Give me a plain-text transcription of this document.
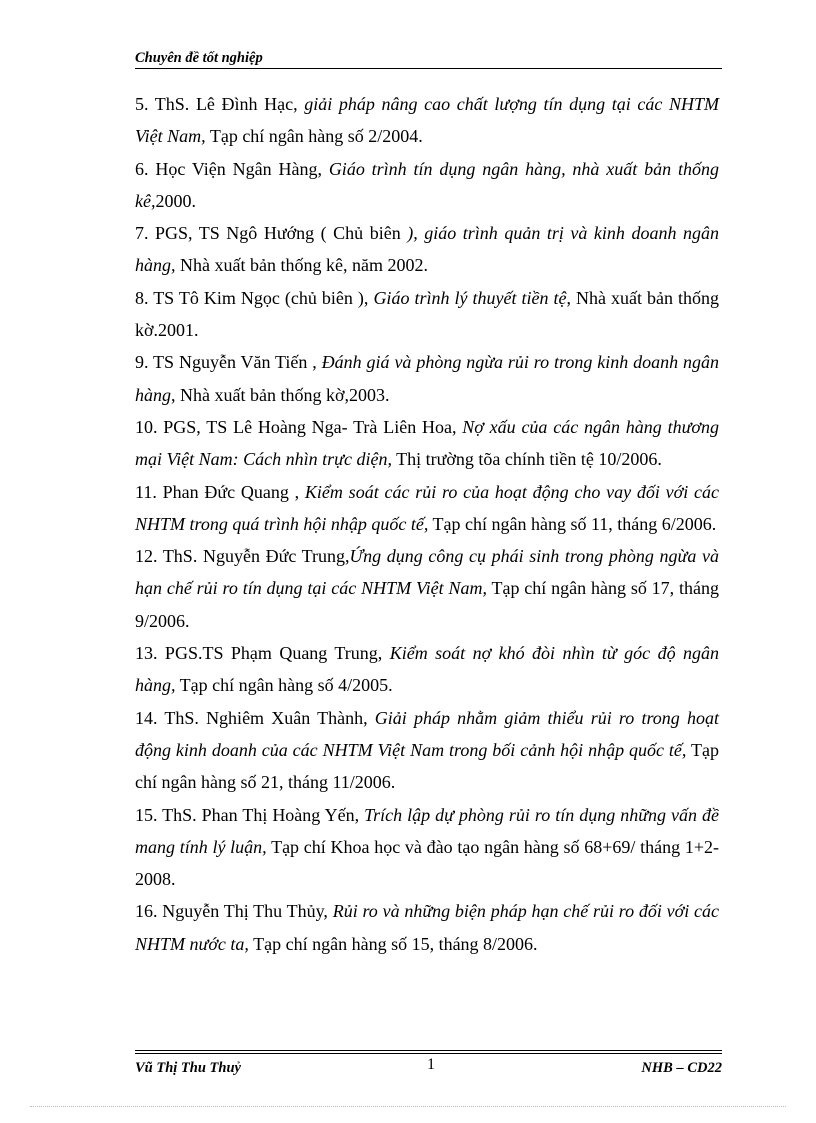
Chuyên đề tốt nghiệp

5. ThS. Lê Đình Hạc, giải pháp nâng cao chất lượng tín dụng tại các NHTM Việt Nam, Tạp chí ngân hàng số 2/2004.

6. Học Viện Ngân Hàng, Giáo trình tín dụng ngân hàng, nhà xuất bản thống kê,2000.

7. PGS, TS Ngô Hướng ( Chủ biên ), giáo trình quản trị và kinh doanh ngân hàng, Nhà xuất bản thống kê, năm 2002.

8. TS Tô Kim Ngọc (chủ biên ), Giáo trình lý thuyết tiền tệ, Nhà xuất bản thống kờ.2001.

9. TS Nguyễn Văn Tiến , Đánh giá và phòng ngừa rủi ro trong kinh doanh ngân hàng, Nhà xuất bản thống kờ,2003.

10. PGS, TS Lê Hoàng Nga- Trà Liên Hoa, Nợ xấu của các ngân hàng thương mại Việt Nam: Cách nhìn trực diện, Thị trường tõa chính tiền tệ 10/2006.

11. Phan Đức Quang , Kiểm soát các rủi ro của hoạt động cho vay đối với các NHTM trong quá trình hội nhập quốc tế, Tạp chí ngân hàng số 11, tháng 6/2006.

12. ThS. Nguyễn Đức Trung,Ứng dụng công cụ phái sinh trong phòng ngừa và hạn chế rủi ro tín dụng tại các NHTM Việt Nam, Tạp chí ngân hàng số 17, tháng 9/2006.

13. PGS.TS Phạm Quang Trung, Kiểm soát nợ khó đòi nhìn từ góc độ ngân hàng, Tạp chí ngân hàng số 4/2005.

14. ThS. Nghiêm Xuân Thành, Giải pháp nhằm giảm thiểu rủi ro trong hoạt động kinh doanh của các NHTM Việt Nam trong bối cảnh hội nhập quốc tế, Tạp chí ngân hàng số 21, tháng 11/2006.

15. ThS. Phan Thị Hoàng Yến, Trích lập dự phòng rủi ro tín dụng những vấn đề mang tính lý luận, Tạp chí Khoa học và đào tạo ngân hàng số 68+69/ tháng 1+2-2008.

16. Nguyễn Thị Thu Thủy, Rủi ro và những biện pháp hạn chế rủi ro đối với các NHTM nước ta, Tạp chí ngân hàng số 15, tháng 8/2006.

Vũ Thị Thu Thuỷ	1	NHB – CD22
